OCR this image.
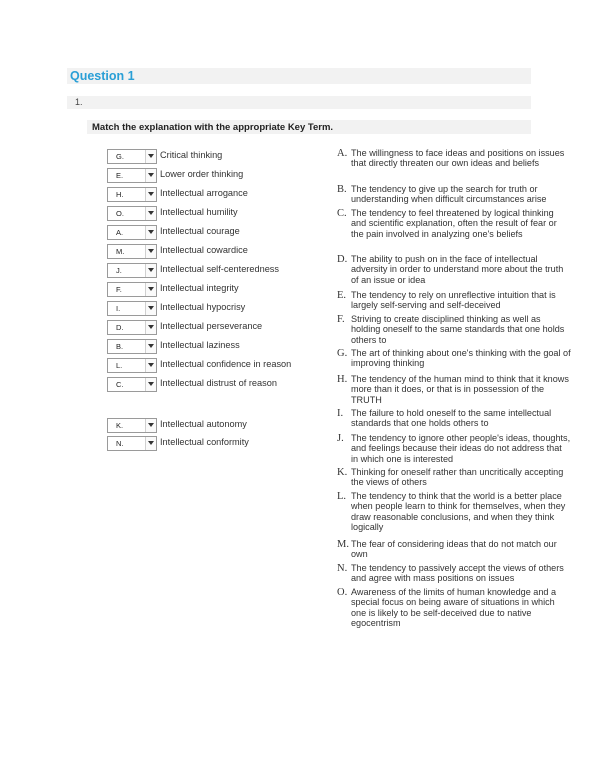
Question 1
1.
Match the explanation with the appropriate Key Term.
G.	Critical thinking
E.	Lower order thinking
H.	Intellectual arrogance
O.	Intellectual humility
A.	Intellectual courage
M.	Intellectual cowardice
J.	Intellectual self-centeredness
F.	Intellectual integrity
I.	Intellectual hypocrisy
D.	Intellectual perseverance
B.	Intellectual laziness
L.	Intellectual confidence in reason
C.	Intellectual distrust of reason
K.	Intellectual autonomy
N.	Intellectual conformity
A. The willingness to face ideas and positions on issues that directly threaten our own ideas and beliefs
B. The tendency to give up the search for truth or understanding when difficult circumstances arise
C. The tendency to feel threatened by logical thinking and scientific explanation, often the result of fear or the pain involved in analyzing one's beliefs
D. The ability to push on in the face of intellectual adversity in order to understand more about the truth of an issue or idea
E. The tendency to rely on unreflective intuition that is largely self-serving and self-deceived
F. Striving to create disciplined thinking as well as holding oneself to the same standards that one holds others to
G. The art of thinking about one's thinking with the goal of improving thinking
H. The tendency of the human mind to think that it knows more than it does, or that is in possession of the TRUTH
I. The failure to hold oneself to the same intellectual standards that one holds others to
J. The tendency to ignore other people's ideas, thoughts, and feelings because their ideas do not address that in which one is interested
K. Thinking for oneself rather than uncritically accepting the views of others
L. The tendency to think that the world is a better place when people learn to think for themselves, when they draw reasonable conclusions, and when they think logically
M. The fear of considering ideas that do not match our own
N. The tendency to passively accept the views of others and agree with mass positions on issues
O. Awareness of the limits of human knowledge and a special focus on being aware of situations in which one is likely to be self-deceived due to native egocentrism
